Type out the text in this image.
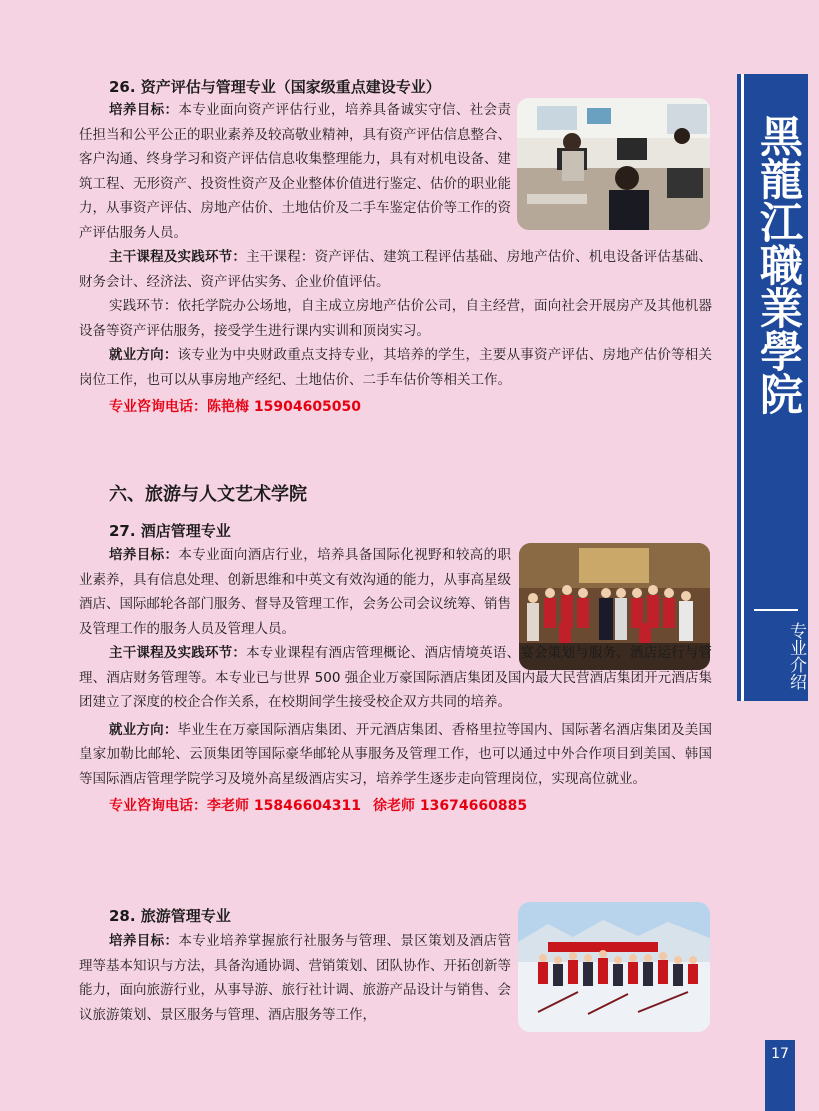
黑龍江職業學院
专业介绍
17
26. 资产评估与管理专业（国家级重点建设专业）

培养目标：本专业面向资产评估行业，培养具备诚实守信、社会责任担当和公平公正的职业素养及较高敬业精神，具有资产评估信息整合、客户沟通、终身学习和资产评估信息收集整理能力，具有对机电设备、建筑工程、无形资产、投资性资产及企业整体价值进行鉴定、估价的职业能力，从事资产评估、房地产估价、土地估价及二手车鉴定估价等工作的资产评估服务人员。

主干课程及实践环节：主干课程：资产评估、建筑工程评估基础、房地产估价、机电设备评估基础、财务会计、经济法、资产评估实务、企业价值评估。

实践环节：依托学院办公场地，自主成立房地产估价公司，自主经营，面向社会开展房产及其他机器设备等资产评估服务，接受学生进行课内实训和顶岗实习。

就业方向：该专业为中央财政重点支持专业，其培养的学生，主要从事资产评估、房地产估价等相关岗位工作，也可以从事房地产经纪、土地估价、二手车估价等相关工作。

专业咨询电话：陈艳梅 15904605050
六、旅游与人文艺术学院
27. 酒店管理专业

培养目标：本专业面向酒店行业，培养具备国际化视野和较高的职业素养，具有信息处理、创新思维和中英文有效沟通的能力，从事高星级酒店、国际邮轮各部门服务、督导及管理工作，会务公司会议统筹、销售及管理工作的服务人员及管理人员。

主干课程及实践环节：本专业课程有酒店管理概论、酒店情境英语、宴会策划与服务、酒店运行与管理、酒店财务管理等。本专业已与世界 500 强企业万豪国际酒店集团及国内最大民营酒店集团开元酒店集团建立了深度的校企合作关系，在校期间学生接受校企双方共同的培养。

就业方向：毕业生在万豪国际酒店集团、开元酒店集团、香格里拉等国内、国际著名酒店集团及美国皇家加勒比邮轮、云顶集团等国际豪华邮轮从事服务及管理工作，也可以通过中外合作项目到美国、韩国等国际酒店管理学院学习及境外高星级酒店实习，培养学生逐步走向管理岗位，实现高位就业。

专业咨询电话：李老师 15846604311 徐老师 13674660885
28. 旅游管理专业

培养目标：本专业培养掌握旅行社服务与管理、景区策划及酒店管理等基本知识与方法，具备沟通协调、营销策划、团队协作、开拓创新等能力，面向旅游行业，从事导游、旅行社计调、旅游产品设计与销售、会议旅游策划、景区服务与管理、酒店服务等工作，
